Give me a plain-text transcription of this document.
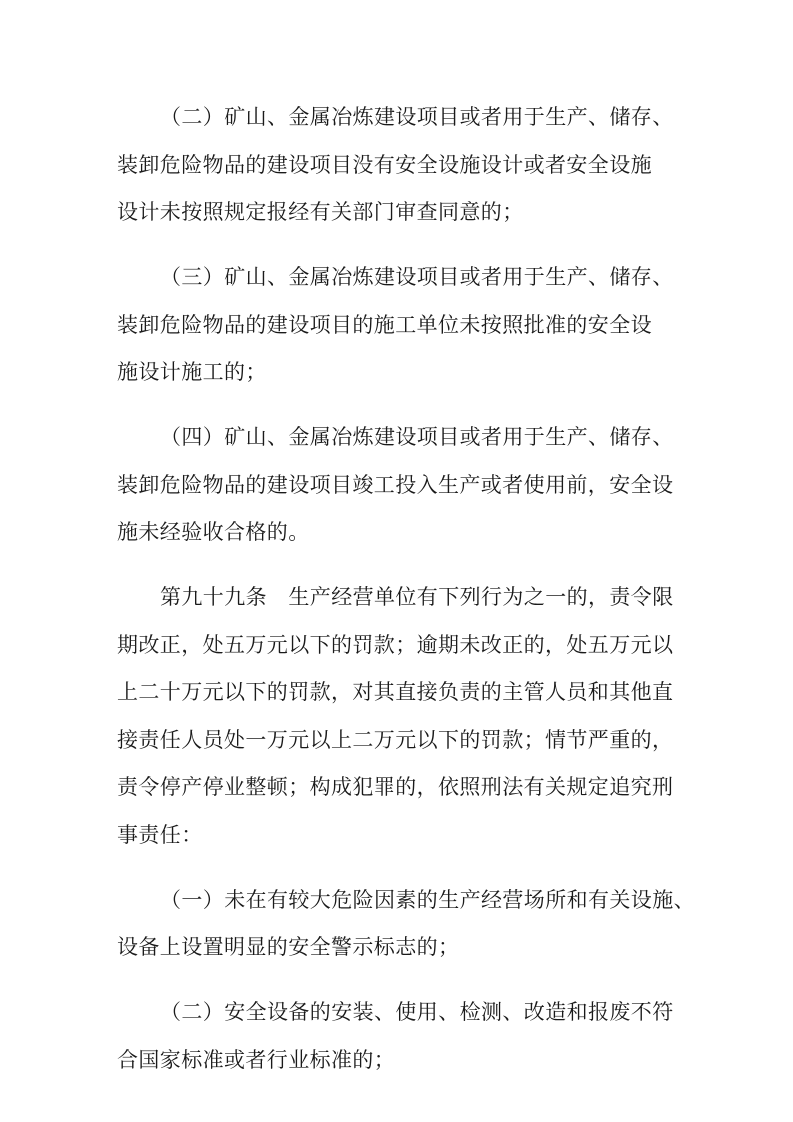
（二）矿山、金属冶炼建设项目或者用于生产、储存、
装卸危险物品的建设项目没有安全设施设计或者安全设施
设计未按照规定报经有关部门审查同意的；
（三）矿山、金属冶炼建设项目或者用于生产、储存、
装卸危险物品的建设项目的施工单位未按照批准的安全设
施设计施工的；
（四）矿山、金属冶炼建设项目或者用于生产、储存、
装卸危险物品的建设项目竣工投入生产或者使用前，安全设
施未经验收合格的。
第九十九条　生产经营单位有下列行为之一的，责令限
期改正，处五万元以下的罚款；逾期未改正的，处五万元以
上二十万元以下的罚款，对其直接负责的主管人员和其他直
接责任人员处一万元以上二万元以下的罚款；情节严重的，
责令停产停业整顿；构成犯罪的，依照刑法有关规定追究刑
事责任：
（一）未在有较大危险因素的生产经营场所和有关设施、
设备上设置明显的安全警示标志的；
（二）安全设备的安装、使用、检测、改造和报废不符
合国家标准或者行业标准的；
